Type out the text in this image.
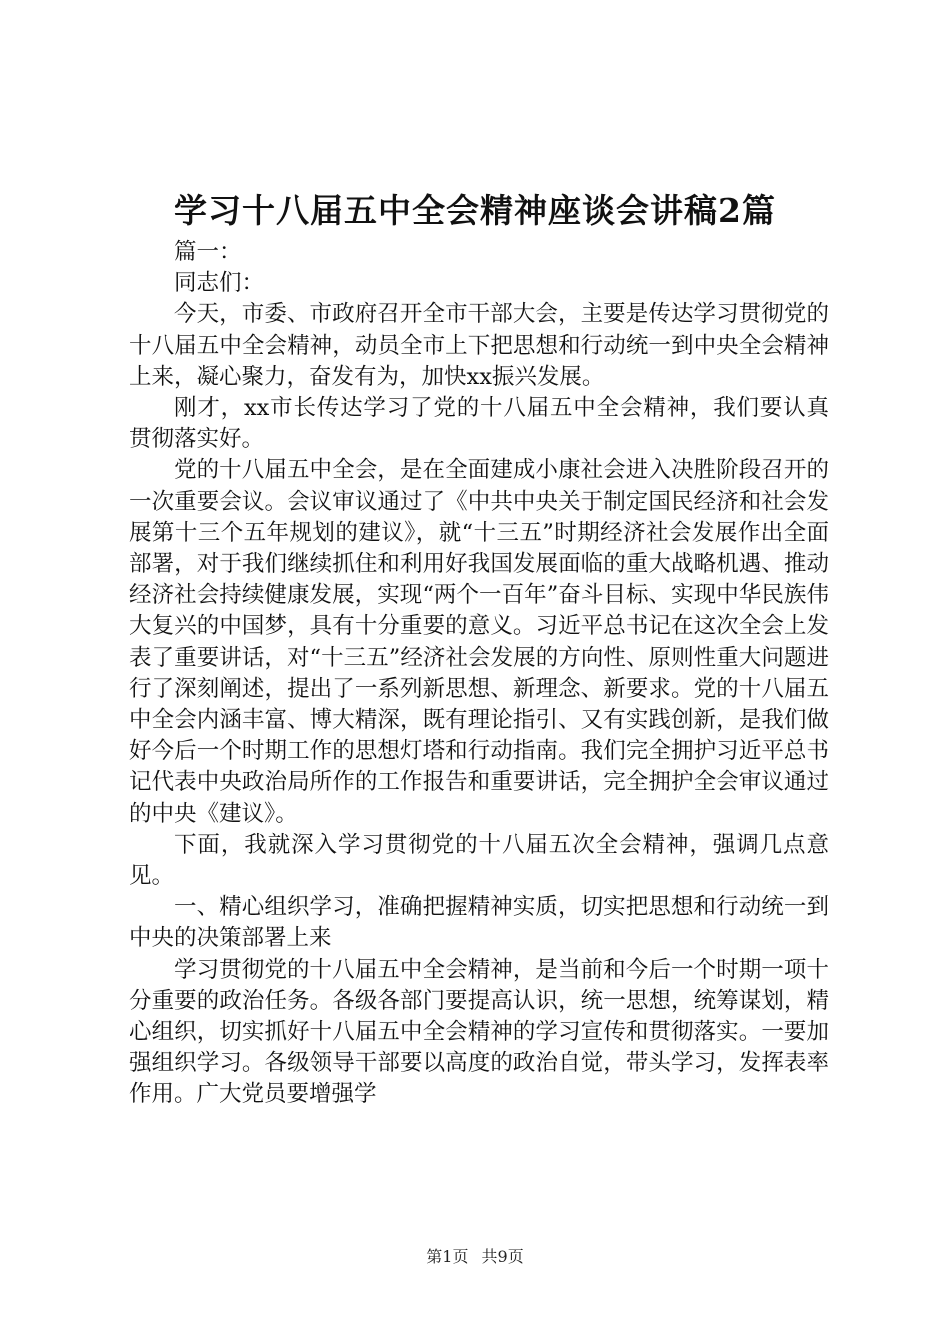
学习十八届五中全会精神座谈会讲稿2篇

篇一：

同志们：

今天，市委、市政府召开全市干部大会，主要是传达学习贯彻党的十八届五中全会精神，动员全市上下把思想和行动统一到中央全会精神上来，凝心聚力，奋发有为，加快xx振兴发展。

刚才，xx市长传达学习了党的十八届五中全会精神，我们要认真贯彻落实好。

党的十八届五中全会，是在全面建成小康社会进入决胜阶段召开的一次重要会议。会议审议通过了《中共中央关于制定国民经济和社会发展第十三个五年规划的建议》，就“十三五”时期经济社会发展作出全面部署，对于我们继续抓住和利用好我国发展面临的重大战略机遇、推动经济社会持续健康发展，实现“两个一百年”奋斗目标、实现中华民族伟大复兴的中国梦，具有十分重要的意义。习近平总书记在这次全会上发表了重要讲话，对“十三五”经济社会发展的方向性、原则性重大问题进行了深刻阐述，提出了一系列新思想、新理念、新要求。党的十八届五中全会内涵丰富、博大精深，既有理论指引、又有实践创新，是我们做好今后一个时期工作的思想灯塔和行动指南。我们完全拥护习近平总书记代表中央政治局所作的工作报告和重要讲话，完全拥护全会审议通过的中央《建议》。

下面，我就深入学习贯彻党的十八届五次全会精神，强调几点意见。

一、精心组织学习，准确把握精神实质，切实把思想和行动统一到中央的决策部署上来

学习贯彻党的十八届五中全会精神，是当前和今后一个时期一项十分重要的政治任务。各级各部门要提高认识，统一思想，统筹谋划，精心组织，切实抓好十八届五中全会精神的学习宣传和贯彻落实。一要加强组织学习。各级领导干部要以高度的政治自觉，带头学习，发挥表率作用。广大党员要增强学

第1页 共9页
